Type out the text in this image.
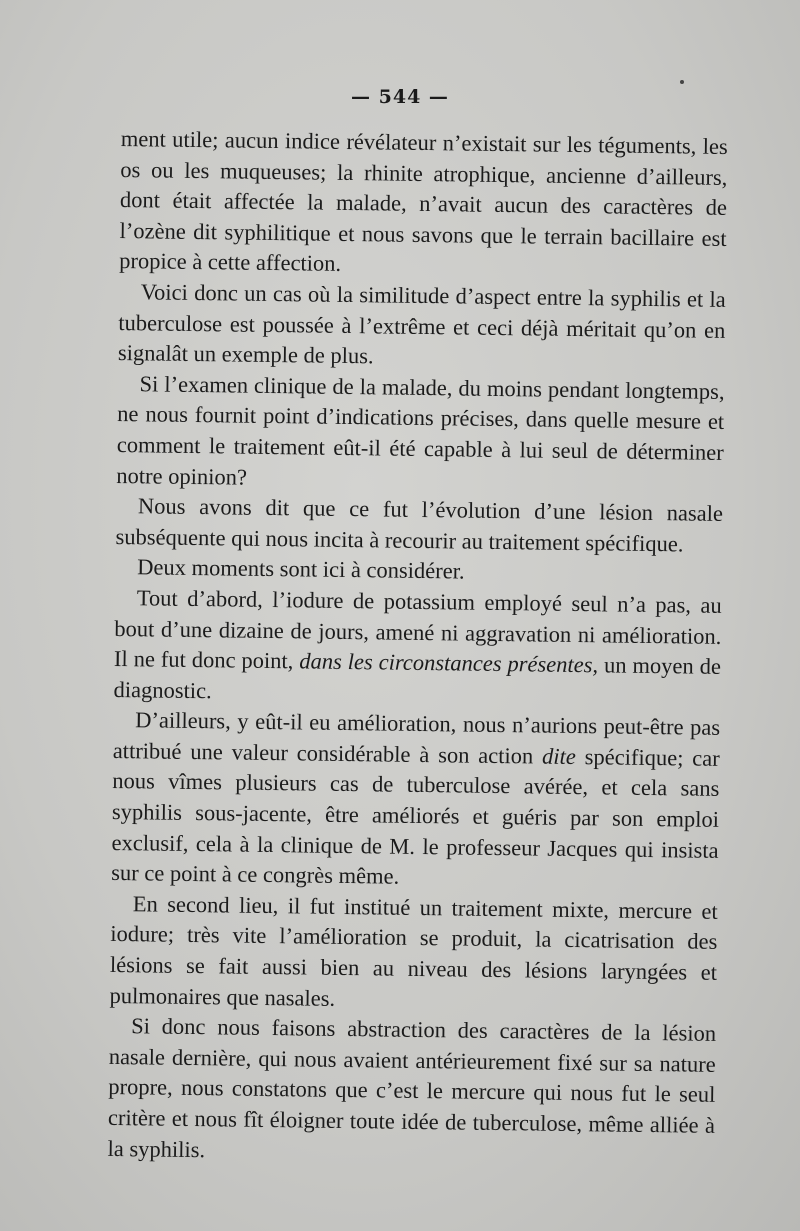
— 544 —

ment utile; aucun indice révélateur n’existait sur les téguments, les os ou les muqueuses; la rhinite atrophique, ancienne d’ailleurs, dont était affectée la malade, n’avait aucun des caractères de l’ozène dit syphilitique et nous savons que le terrain bacillaire est propice à cette affection.

Voici donc un cas où la similitude d’aspect entre la syphilis et la tuberculose est poussée à l’extrême et ceci déjà méritait qu’on en signalât un exemple de plus.

Si l’examen clinique de la malade, du moins pendant longtemps, ne nous fournit point d’indications précises, dans quelle mesure et comment le traitement eût-il été capable à lui seul de déterminer notre opinion?

Nous avons dit que ce fut l’évolution d’une lésion nasale subséquente qui nous incita à recourir au traitement spécifique.

Deux moments sont ici à considérer.

Tout d’abord, l’iodure de potassium employé seul n’a pas, au bout d’une dizaine de jours, amené ni aggravation ni amélioration. Il ne fut donc point, dans les circonstances présentes, un moyen de diagnostic.

D’ailleurs, y eût-il eu amélioration, nous n’aurions peut-être pas attribué une valeur considérable à son action dite spécifique; car nous vîmes plusieurs cas de tuberculose avérée, et cela sans syphilis sous-jacente, être améliorés et guéris par son emploi exclusif, cela à la clinique de M. le professeur Jacques qui insista sur ce point à ce congrès même.

En second lieu, il fut institué un traitement mixte, mercure et iodure; très vite l’amélioration se produit, la cicatrisation des lésions se fait aussi bien au niveau des lésions laryngées et pulmonaires que nasales.

Si donc nous faisons abstraction des caractères de la lésion nasale dernière, qui nous avaient antérieurement fixé sur sa nature propre, nous constatons que c’est le mercure qui nous fut le seul critère et nous fît éloigner toute idée de tuberculose, même alliée à la syphilis.
